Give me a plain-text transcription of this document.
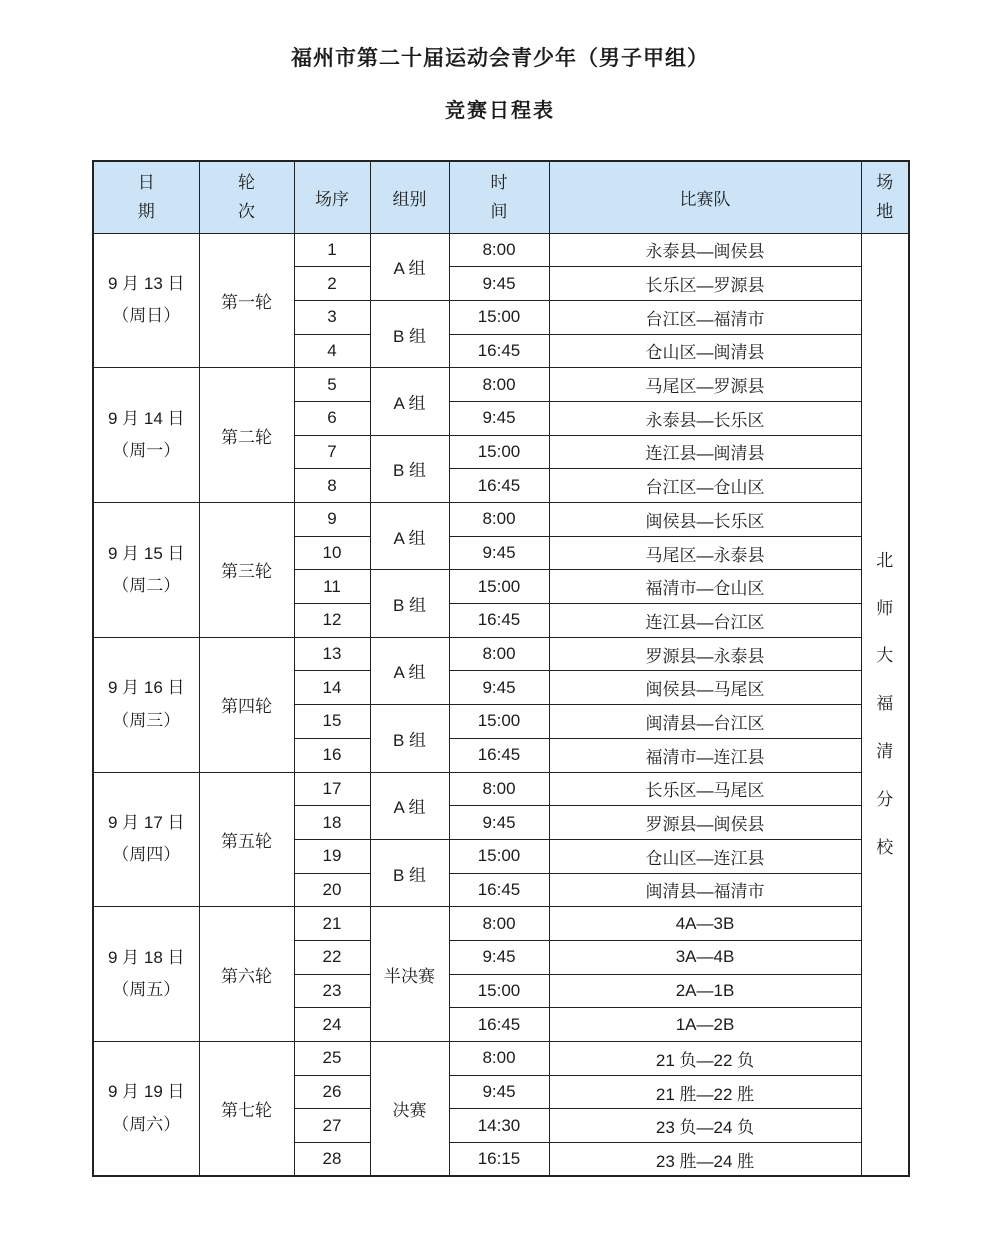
福州市第二十届运动会青少年（男子甲组）
竞赛日程表
日期	轮次	场序	组别	时间	比赛队	场地

9 月 13 日
（周日）	第一轮	1	A 组	8:00	永泰县—闽侯县	北师大福清分校
		2		9:45	长乐区—罗源县	
		3	B 组	15:00	台江区—福清市	
		4		16:45	仓山区—闽清县	

9 月 14 日
（周一）	第二轮	5	A 组	8:00	马尾区—罗源县	
		6		9:45	永泰县—长乐区	
		7	B 组	15:00	连江县—闽清县	
		8		16:45	台江区—仓山区	

9 月 15 日
（周二）	第三轮	9	A 组	8:00	闽侯县—长乐区	
		10		9:45	马尾区—永泰县	
		11	B 组	15:00	福清市—仓山区	
		12		16:45	连江县—台江区	

9 月 16 日
（周三）	第四轮	13	A 组	8:00	罗源县—永泰县	
		14		9:45	闽侯县—马尾区	
		15	B 组	15:00	闽清县—台江区	
		16		16:45	福清市—连江县	

9 月 17 日
（周四）	第五轮	17	A 组	8:00	长乐区—马尾区	
		18		9:45	罗源县—闽侯县	
		19	B 组	15:00	仓山区—连江县	
		20		16:45	闽清县—福清市	

9 月 18 日
（周五）	第六轮	21	半决赛	8:00	4A—3B	
		22		9:45	3A—4B	
		23		15:00	2A—1B	
		24		16:45	1A—2B	

9 月 19 日
（周六）	第七轮	25	决赛	8:00	21 负—22 负	
		26		9:45	21 胜—22 胜	
		27		14:30	23 负—24 负	
		28		16:15	23 胜—24 胜	
